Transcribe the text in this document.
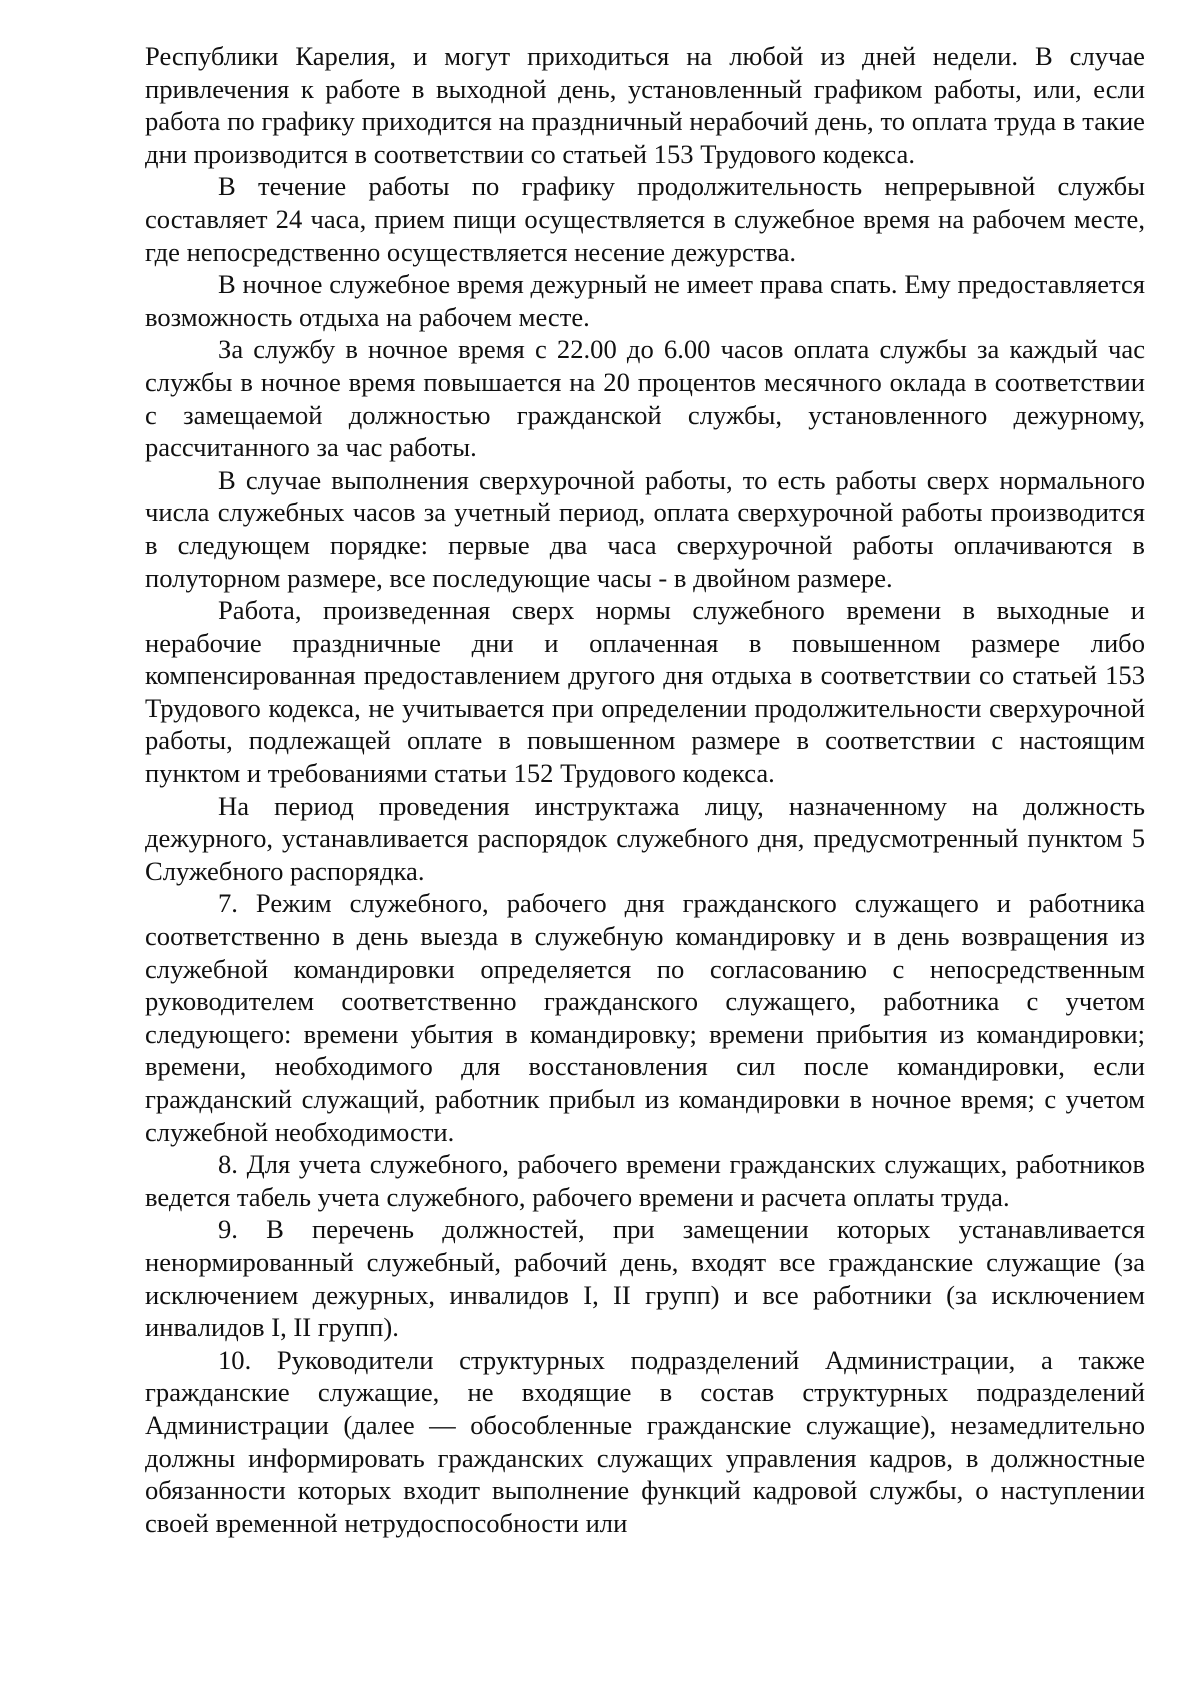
Республики Карелия, и могут приходиться на любой из дней недели. В случае привлечения к работе в выходной день, установленный графиком работы, или, если работа по графику приходится на праздничный нерабочий день, то оплата труда в такие дни производится в соответствии со статьей 153 Трудового кодекса.

В течение работы по графику продолжительность непрерывной службы составляет 24 часа, прием пищи осуществляется в служебное время на рабочем месте, где непосредственно осуществляется несение дежурства.

В ночное служебное время дежурный не имеет права спать. Ему предоставляется возможность отдыха на рабочем месте.

За службу в ночное время с 22.00 до 6.00 часов оплата службы за каждый час службы в ночное время повышается на 20 процентов месячного оклада в соответствии с замещаемой должностью гражданской службы, установленного дежурному, рассчитанного за час работы.

В случае выполнения сверхурочной работы, то есть работы сверх нормального числа служебных часов за учетный период, оплата сверхурочной работы производится в следующем порядке: первые два часа сверхурочной работы оплачиваются в полуторном размере, все последующие часы - в двойном размере.

Работа, произведенная сверх нормы служебного времени в выходные и нерабочие праздничные дни и оплаченная в повышенном размере либо компенсированная предоставлением другого дня отдыха в соответствии со статьей 153 Трудового кодекса, не учитывается при определении продолжительности сверхурочной работы, подлежащей оплате в повышенном размере в соответствии с настоящим пунктом и требованиями статьи 152 Трудового кодекса.

На период проведения инструктажа лицу, назначенному на должность дежурного, устанавливается распорядок служебного дня, предусмотренный пунктом 5 Служебного распорядка.

7. Режим служебного, рабочего дня гражданского служащего и работника соответственно в день выезда в служебную командировку и в день возвращения из служебной командировки определяется по согласованию с непосредственным руководителем соответственно гражданского служащего, работника с учетом следующего: времени убытия в командировку; времени прибытия из командировки; времени, необходимого для восстановления сил после командировки, если гражданский служащий, работник прибыл из командировки в ночное время; с учетом служебной необходимости.

8. Для учета служебного, рабочего времени гражданских служащих, работников ведется табель учета служебного, рабочего времени и расчета оплаты труда.

9. В перечень должностей, при замещении которых устанавливается ненормированный служебный, рабочий день, входят все гражданские служащие (за исключением дежурных, инвалидов I, II групп) и все работники (за исключением инвалидов I, II групп).

10. Руководители структурных подразделений Администрации, а также гражданские служащие, не входящие в состав структурных подразделений Администрации (далее — обособленные гражданские служащие), незамедлительно должны информировать гражданских служащих управления кадров, в должностные обязанности которых входит выполнение функций кадровой службы, о наступлении своей временной нетрудоспособности или
